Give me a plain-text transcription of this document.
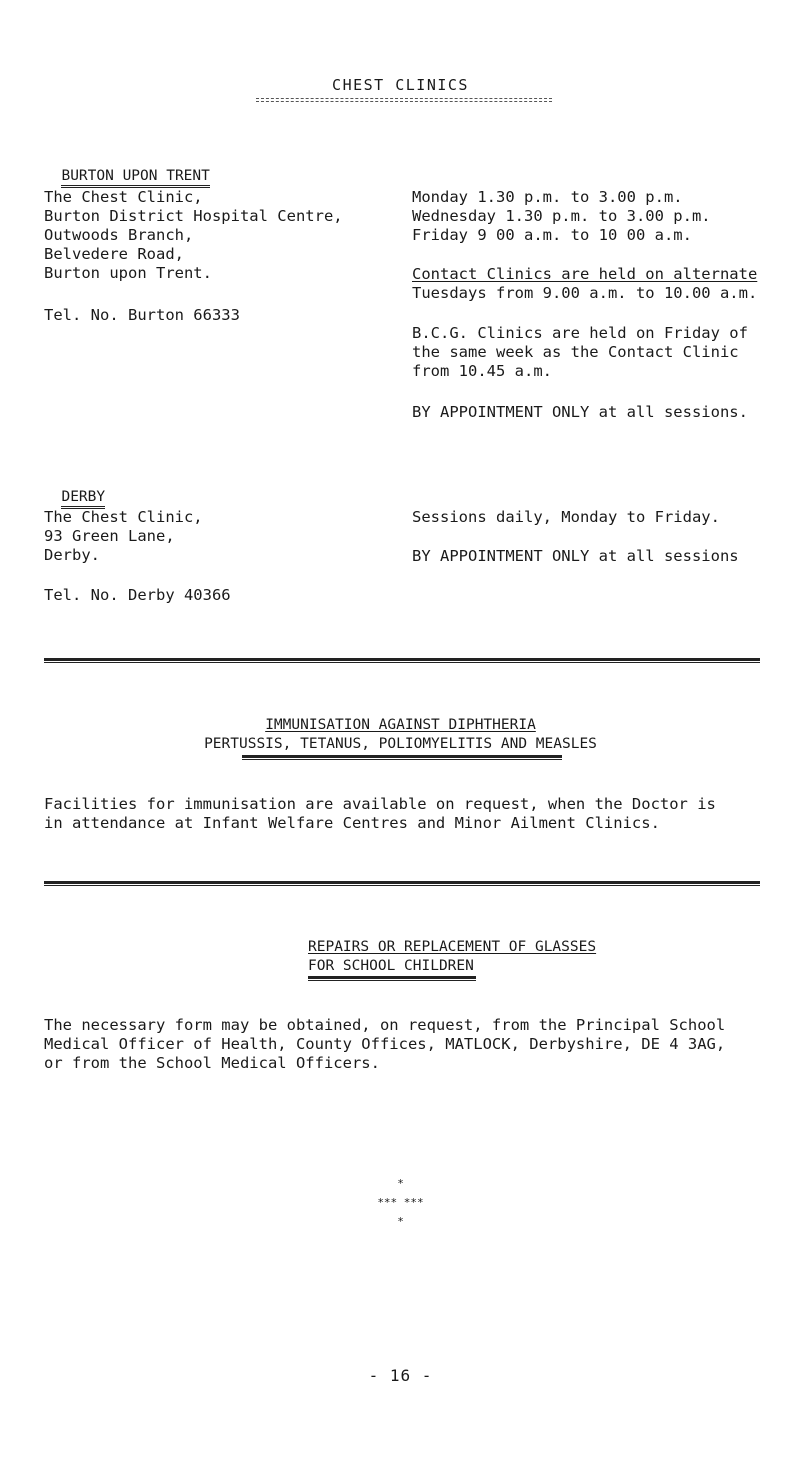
CHEST CLINICS

BURTON UPON TRENT

The Chest Clinic,
Burton District Hospital Centre,
Outwoods Branch,
Belvedere Road,
Burton upon Trent.
Tel. No. Burton 66333
Monday 1.30 p.m. to 3.00 p.m.
Wednesday 1.30 p.m. to 3.00 p.m.
Friday 9 00 a.m. to 10 00 a.m.
Contact Clinics are held on alternate
Tuesdays from 9.00 a.m. to 10.00 a.m.
B.C.G. Clinics are held on Friday of
the same week as the Contact Clinic
from 10.45 a.m.
BY APPOINTMENT ONLY at all sessions.

DERBY

The Chest Clinic,
93 Green Lane,
Derby.
Tel. No. Derby 40366
Sessions daily, Monday to Friday.
BY APPOINTMENT ONLY at all sessions
IMMUNISATION AGAINST DIPHTHERIA
PERTUSSIS, TETANUS, POLIOMYELITIS AND MEASLES
Facilities for immunisation are available on request, when the Doctor is
in attendance at Infant Welfare Centres and Minor Ailment Clinics.
REPAIRS OR REPLACEMENT OF GLASSES
FOR SCHOOL CHILDREN
The necessary form may be obtained, on request, from the Principal School
Medical Officer of Health, County Offices, MATLOCK, Derbyshire, DE 4 3AG,
or from the School Medical Officers.
*
*** ***
*
- 16 -
